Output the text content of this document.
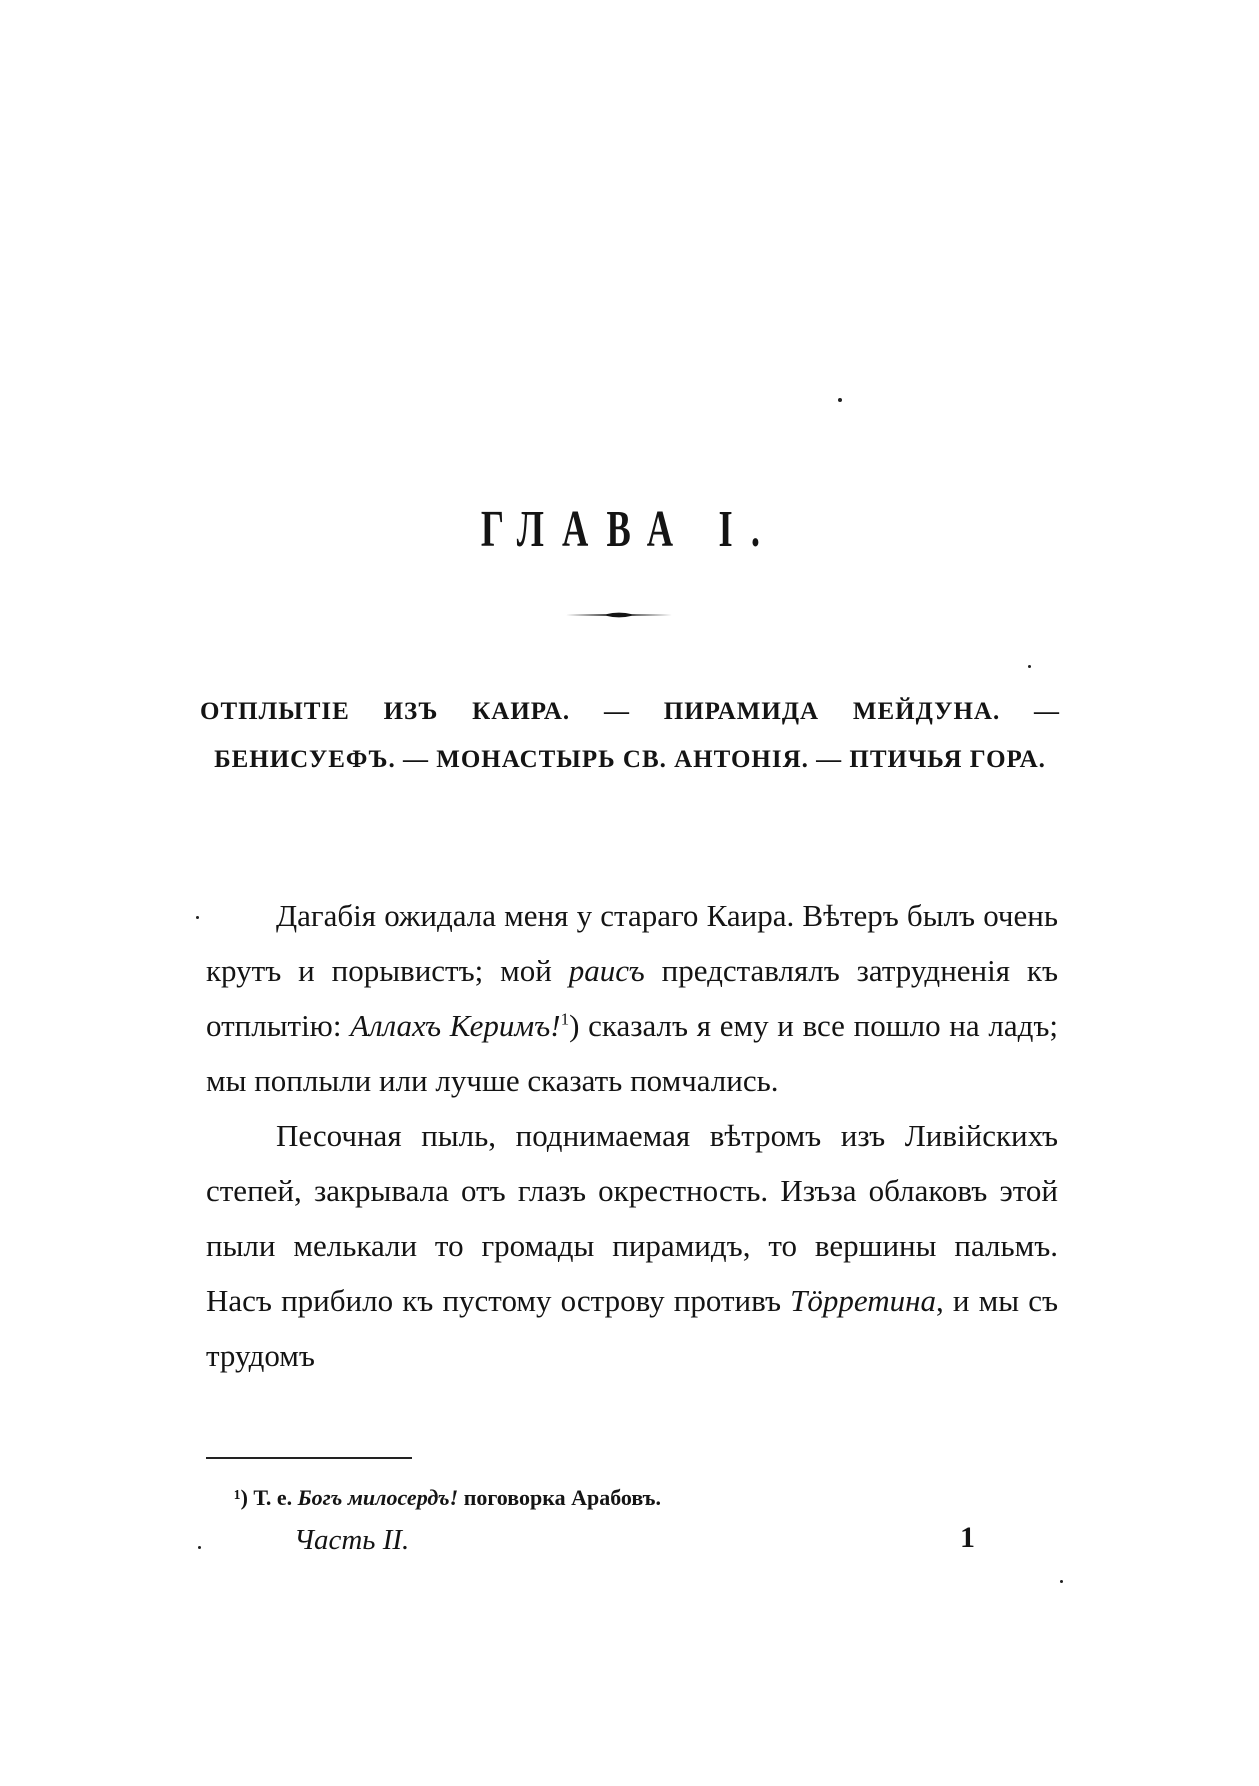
ГЛАВА I.
ОТПЛЫТІЕ ИЗЪ КАИРА. — ПИРАМИДА МЕЙДУНА. — БЕНИСУЕФЪ. — МОНАСТЫРЬ СВ. АНТОНІЯ. — ПТИЧЬЯ ГОРА.

Дагабія ожидала меня у стараго Каира. Вѣтеръ былъ очень крутъ и порывистъ; мой раисъ представлялъ затрудненія къ отплытію: Аллахъ Керимъ!$^1$) сказалъ я ему и все пошло на ладъ; мы поплыли или лучше сказать помчались.

Песочная пыль, поднимаемая вѣтромъ изъ Ливійскихъ степей, закрывала отъ глазъ окрестность. Изъза облаковъ этой пыли мелькали то громады пирамидъ, то вершины пальмъ. Насъ прибило къ пустому острову противъ Тӧрретина, и мы съ трудомъ

¹) Т. е. Богъ милосердъ! поговорка Арабовъ.
Часть II.	1
